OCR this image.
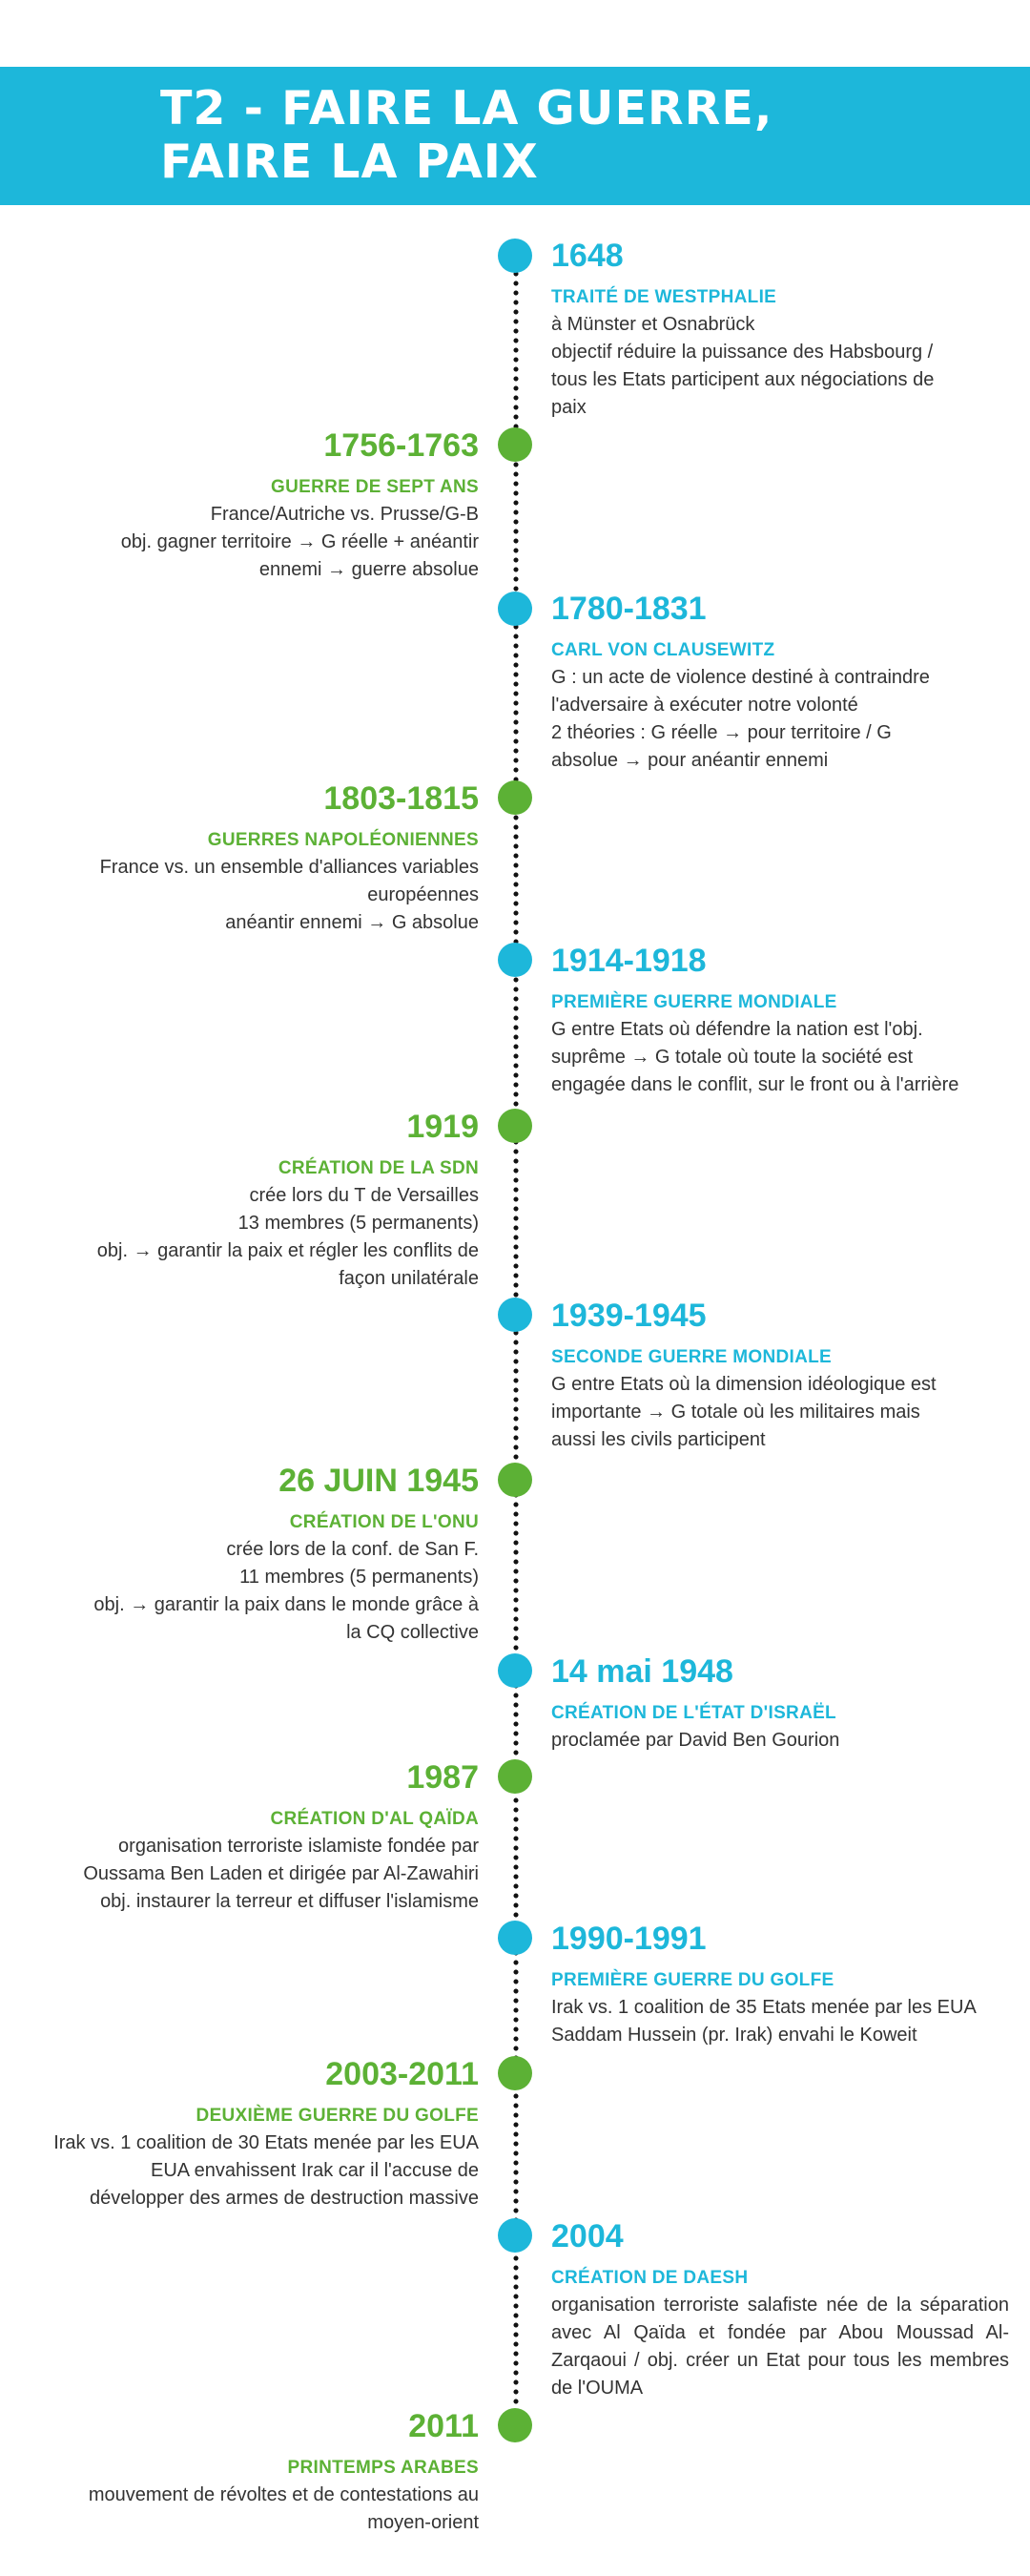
T2 - FAIRE LA GUERRE,
FAIRE LA PAIX
1648
TRAITÉ DE WESTPHALIE
à Münster et Osnabrück
objectif réduire la puissance des Habsbourg /
tous les Etats participent aux négociations de
paix
1756-1763
GUERRE DE SEPT ANS
France/Autriche vs. Prusse/G-B
obj. gagner territoire → G réelle + anéantir
ennemi → guerre absolue
1780-1831
CARL VON CLAUSEWITZ
G : un acte de violence destiné à contraindre
l'adversaire à exécuter notre volonté
2 théories : G réelle → pour territoire / G
absolue → pour anéantir ennemi
1803-1815
GUERRES NAPOLÉONIENNES
France vs. un ensemble d'alliances variables
européennes
anéantir ennemi → G absolue
1914-1918
PREMIÈRE GUERRE MONDIALE
G entre Etats où défendre la nation est l'obj.
suprême → G totale où toute la société est
engagée dans le conflit, sur le front ou à l'arrière
1919
CRÉATION DE LA SDN
crée lors du T de Versailles
13 membres (5 permanents)
obj. → garantir la paix et régler les conflits de
façon unilatérale
1939-1945
SECONDE GUERRE MONDIALE
G entre Etats où la dimension idéologique est
importante → G totale où les militaires mais
aussi les civils participent
26 JUIN 1945
CRÉATION DE L'ONU
crée lors de la conf. de San F.
11 membres (5 permanents)
obj. → garantir la paix dans le monde grâce à
la CQ collective
14 mai 1948
CRÉATION DE L'ÉTAT D'ISRAËL
proclamée par David Ben Gourion
1987
CRÉATION D'AL QAÏDA
organisation terroriste islamiste fondée par
Oussama Ben Laden et dirigée par Al-Zawahiri
obj. instaurer la terreur et diffuser l'islamisme
1990-1991
PREMIÈRE GUERRE DU GOLFE
Irak vs. 1 coalition de 35 Etats menée par les EUA
Saddam Hussein (pr. Irak) envahi le Koweit
2003-2011
DEUXIÈME GUERRE DU GOLFE
Irak vs. 1 coalition de 30 Etats menée par les EUA
EUA envahissent Irak car il l'accuse de
développer des armes de destruction massive
2004
CRÉATION DE DAESH
organisation terroriste salafiste née de la séparation avec Al Qaïda et fondée par Abou Moussad Al-Zarqaoui / obj. créer un Etat pour tous les membres de l'OUMA
2011
PRINTEMPS ARABES
mouvement de révoltes et de contestations au
moyen-orient
